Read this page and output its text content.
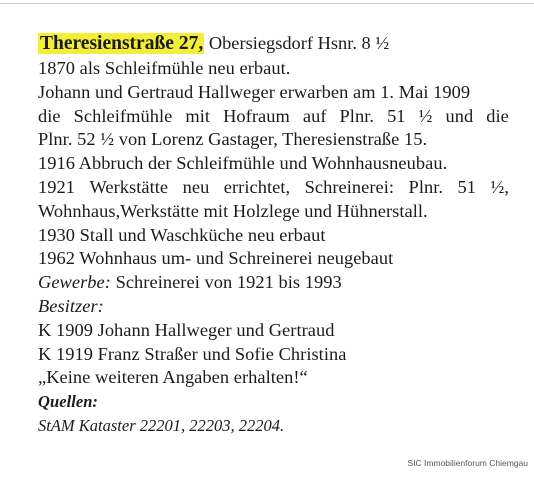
Theresienstraße 27, Obersiegsdorf Hsnr. 8 ½
1870 als Schleifmühle neu erbaut.
Johann und Gertraud Hallweger erwarben am 1. Mai 1909
die Schleifmühle mit Hofraum auf Plnr. 51 ½ und die
Plnr. 52 ½ von Lorenz Gastager, Theresienstraße 15.
1916 Abbruch der Schleifmühle und Wohnhausneubau.
1921 Werkstätte neu errichtet, Schreinerei: Plnr. 51 ½,
Wohnhaus,Werkstätte mit Holzlege und Hühnerstall.
1930 Stall und Waschküche neu erbaut
1962 Wohnhaus um- und Schreinerei neugebaut
Gewerbe: Schreinerei von 1921 bis 1993
Besitzer:
K 1909 Johann Hallweger und Gertraud
K 1919 Franz Straßer und Sofie Christina
„Keine weiteren Angaben erhalten!“
Quellen:
StAM Kataster 22201, 22203, 22204.
SIC Immobilienforum Chiemgau
